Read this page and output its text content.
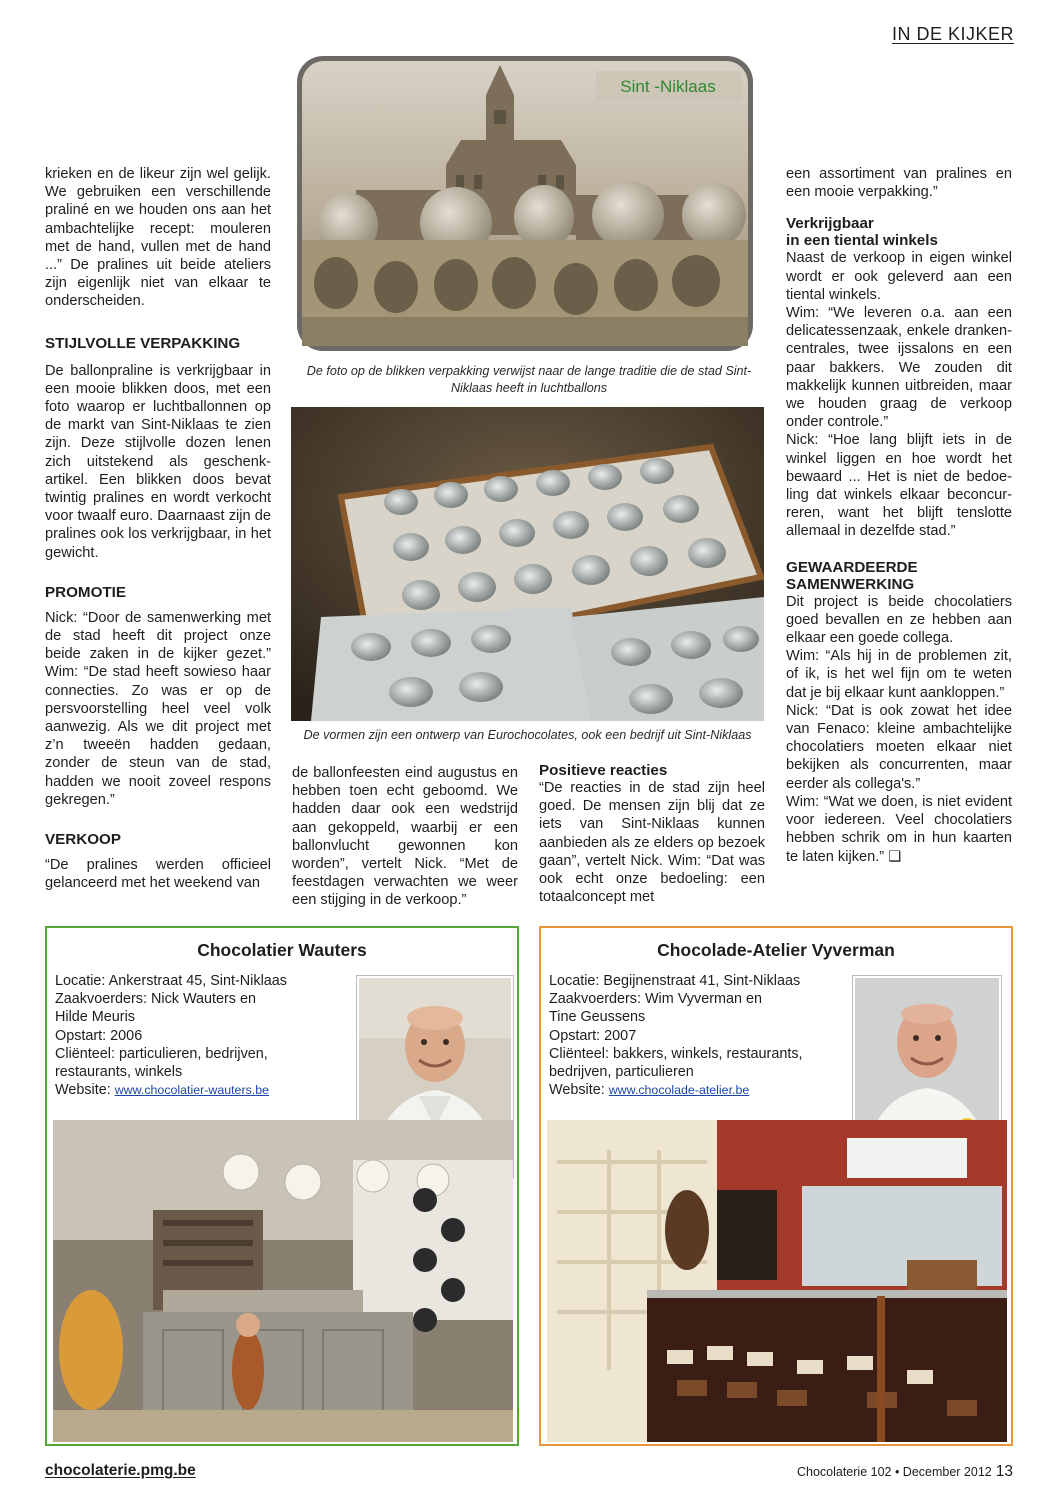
IN DE KIJKER

krieken en de likeur zijn wel gelijk. We gebruiken een verschillende praliné en we houden ons aan het ambachtelijke recept: mouleren met de hand, vullen met de hand ...” De pralines uit beide ateliers zijn eigenlijk niet van elkaar te onderscheiden.

STIJLVOLLE VERPAKKING

De ballonpraline is verkrijgbaar in een mooie blikken doos, met een foto waarop er luchtballonnen op de markt van Sint-Niklaas te zien zijn. Deze stijlvolle dozen lenen zich uitstekend als geschenkartikel. Een blikken doos bevat twintig pralines en wordt verkocht voor twaalf euro. Daarnaast zijn de pralines ook los verkrijgbaar, in het gewicht.

PROMOTIE

Nick: “Door de samenwerking met de stad heeft dit project onze beide zaken in de kijker gezet.” Wim: “De stad heeft sowieso haar connecties. Zo was er op de persvoorstelling heel veel volk aanwezig. Als we dit project met z’n tweeën hadden gedaan, zonder de steun van de stad, hadden we nooit zoveel respons gekregen.”

VERKOOP

“De pralines werden officieel gelanceerd met het weekend van

Sint -Niklaas
De foto op de blikken verpakking verwijst naar de lange traditie die de stad Sint-Niklaas heeft in luchtballons
De vormen zijn een ontwerp van Eurochocolates, ook een bedrijf uit Sint-Niklaas

de ballonfeesten eind augustus en hebben toen echt geboomd. We hadden daar ook een wedstrijd aan gekoppeld, waarbij er een ballonvlucht gewonnen kon worden”, vertelt Nick. “Met de feestdagen verwachten we weer een stijging in de verkoop.”

Positieve reacties

“De reacties in de stad zijn heel goed. De mensen zijn blij dat ze iets van Sint-Niklaas kunnen aanbieden als ze elders op bezoek gaan”, vertelt Nick. Wim: “Dat was ook echt onze bedoeling: een totaalconcept met

een assortiment van pralines en een mooie verpakking.”

Verkrijgbaar
in een tiental winkels

Naast de verkoop in eigen winkel wordt er ook geleverd aan een tiental winkels.

Wim: “We leveren o.a. aan een delicatessenzaak, enkele drankencentrales, twee ijssalons en een paar bakkers. We zouden dit makkelijk kunnen uitbreiden, maar we houden graag de verkoop onder controle.”

Nick: “Hoe lang blijft iets in de winkel liggen en hoe wordt het bewaard ... Het is niet de bedoeling dat winkels elkaar beconcurreren, want het blijft tenslotte allemaal in dezelfde stad.”

GEWAARDEERDE
SAMENWERKING

Dit project is beide chocolatiers goed bevallen en ze hebben aan elkaar een goede collega.

Wim: “Als hij in de problemen zit, of ik, is het wel fijn om te weten dat je bij elkaar kunt aankloppen.”

Nick: “Dat is ook zowat het idee van Fenaco: kleine ambachtelijke chocolatiers moeten elkaar niet bekijken als concurrenten, maar eerder als collega's.”

Wim: “Wat we doen, is niet evident voor iedereen. Veel chocolatiers hebben schrik om in hun kaarten te laten kijken.” ❑

Chocolatier Wauters
Locatie: Ankerstraat 45, Sint-Niklaas
Zaakvoerders: Nick Wauters en
Hilde Meuris
Opstart: 2006
Cliënteel: particulieren, bedrijven,
restaurants, winkels
Website: www.chocolatier-wauters.be
Chocolade-Atelier Vyverman
Locatie: Begijnenstraat 41, Sint-Niklaas
Zaakvoerders: Wim Vyverman en
Tine Geussens
Opstart: 2007
Cliënteel: bakkers, winkels, restaurants,
bedrijven, particulieren
Website: www.chocolade-atelier.be
chocolaterie.pmg.be	Chocolaterie 102 • December 2012 13
